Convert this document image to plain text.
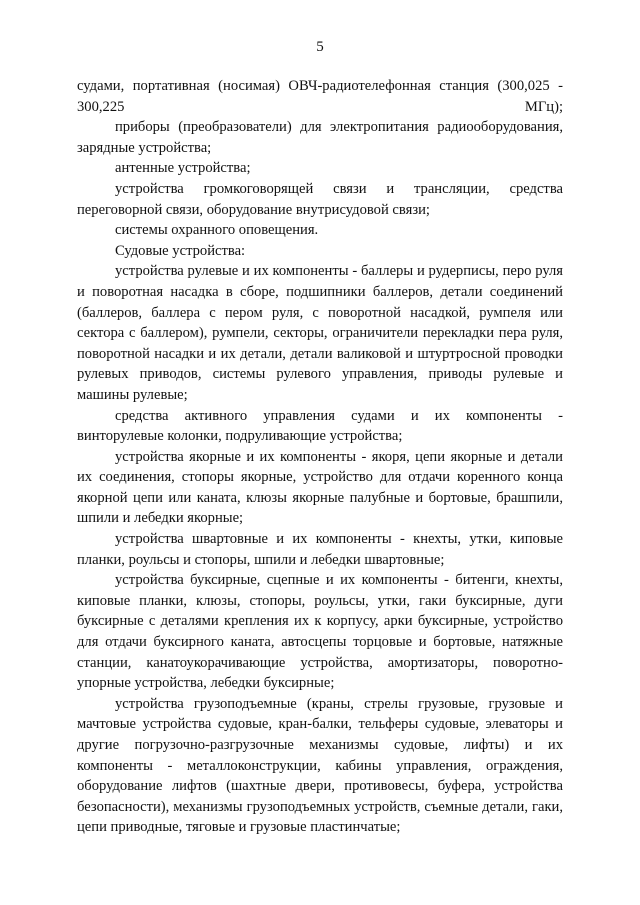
5

судами, портативная (носимая) ОВЧ-радиотелефонная станция (300,025 - 300,225 МГц);

приборы (преобразователи) для электропитания радиооборудования, зарядные устройства;

антенные устройства;

устройства громкоговорящей связи и трансляции, средства переговорной связи, оборудование внутрисудовой связи;

системы охранного оповещения.

Судовые устройства:

устройства рулевые и их компоненты - баллеры и рудерписы, перо руля и поворотная насадка в сборе, подшипники баллеров, детали соединений (баллеров, баллера с пером руля, с поворотной насадкой, румпеля или сектора с баллером), румпели, секторы, ограничители перекладки пера руля, поворотной насадки и их детали, детали валиковой и штуртросной проводки рулевых приводов, системы рулевого управления, приводы рулевые и машины рулевые;

средства активного управления судами и их компоненты - винторулевые колонки, подруливающие устройства;

устройства якорные и их компоненты - якоря, цепи якорные и детали их соединения, стопоры якорные, устройство для отдачи коренного конца якорной цепи или каната, клюзы якорные палубные и бортовые, брашпили, шпили и лебедки якорные;

устройства швартовные и их компоненты - кнехты, утки, киповые планки, роульсы и стопоры, шпили и лебедки швартовные;

устройства буксирные, сцепные и их компоненты - битенги, кнехты, киповые планки, клюзы, стопоры, роульсы, утки, гаки буксирные, дуги буксирные с деталями крепления их к корпусу, арки буксирные, устройство для отдачи буксирного каната, автосцепы торцовые и бортовые, натяжные станции, канатоукорачивающие устройства, амортизаторы, поворотно-упорные устройства, лебедки буксирные;

устройства грузоподъемные (краны, стрелы грузовые, грузовые и мачтовые устройства судовые, кран-балки, тельферы судовые, элеваторы и другие погрузочно-разгрузочные механизмы судовые, лифты) и их компоненты - металлоконструкции, кабины управления, ограждения, оборудование лифтов (шахтные двери, противовесы, буфера, устройства безопасности), механизмы грузоподъемных устройств, съемные детали, гаки, цепи приводные, тяговые и грузовые пластинчатые;
